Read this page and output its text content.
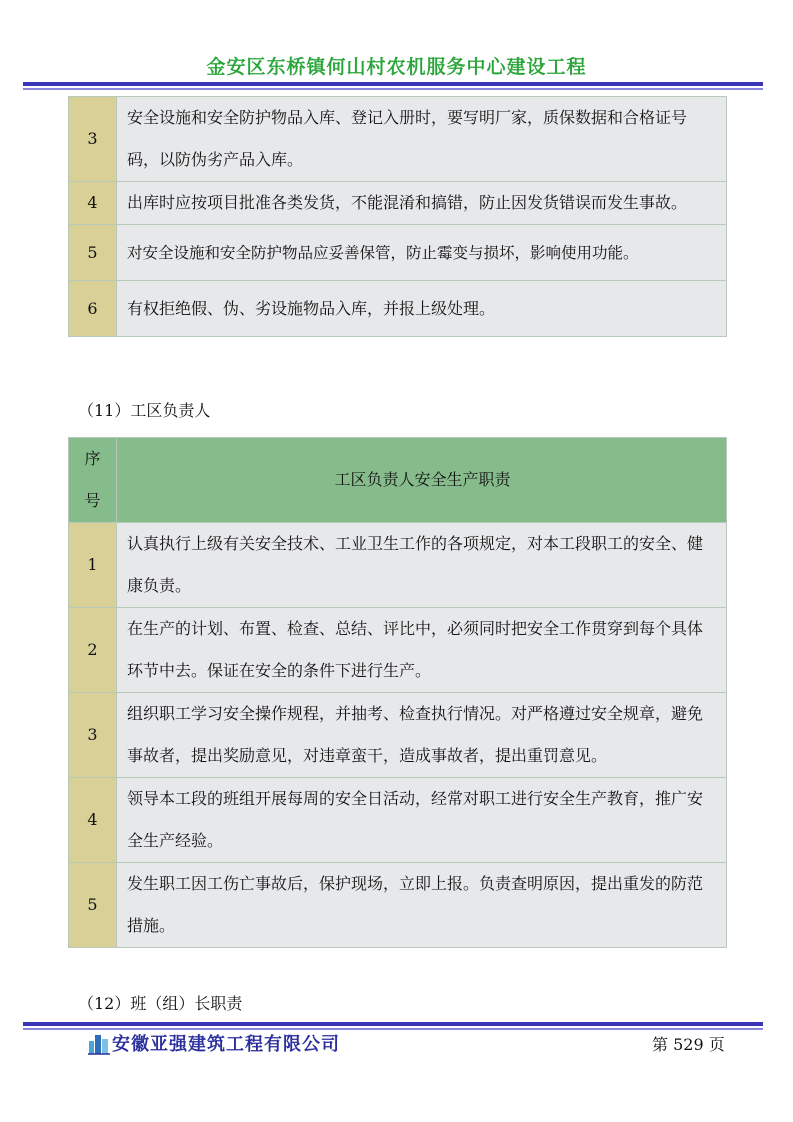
金安区东桥镇何山村农机服务中心建设工程
3	安全设施和安全防护物品入库、登记入册时，要写明厂家，质保数据和合格证号码，以防伪劣产品入库。
4	出库时应按项目批准各类发货，不能混淆和搞错，防止因发货错误而发生事故。
5	对安全设施和安全防护物品应妥善保管，防止霉变与损坏，影响使用功能。
6	有权拒绝假、伪、劣设施物品入库，并报上级处理。
（11）工区负责人
序号	工区负责人安全生产职责
1	认真执行上级有关安全技术、工业卫生工作的各项规定，对本工段职工的安全、健康负责。
2	在生产的计划、布置、检查、总结、评比中，必须同时把安全工作贯穿到每个具体环节中去。保证在安全的条件下进行生产。
3	组织职工学习安全操作规程，并抽考、检查执行情况。对严格遵过安全规章，避免事故者，提出奖励意见，对违章蛮干，造成事故者，提出重罚意见。
4	领导本工段的班组开展每周的安全日活动，经常对职工进行安全生产教育，推广安全生产经验。
5	发生职工因工伤亡事故后，保护现场，立即上报。负责查明原因，提出重发的防范措施。
（12）班（组）长职责
安徽亚强建筑工程有限公司	第 529 页
